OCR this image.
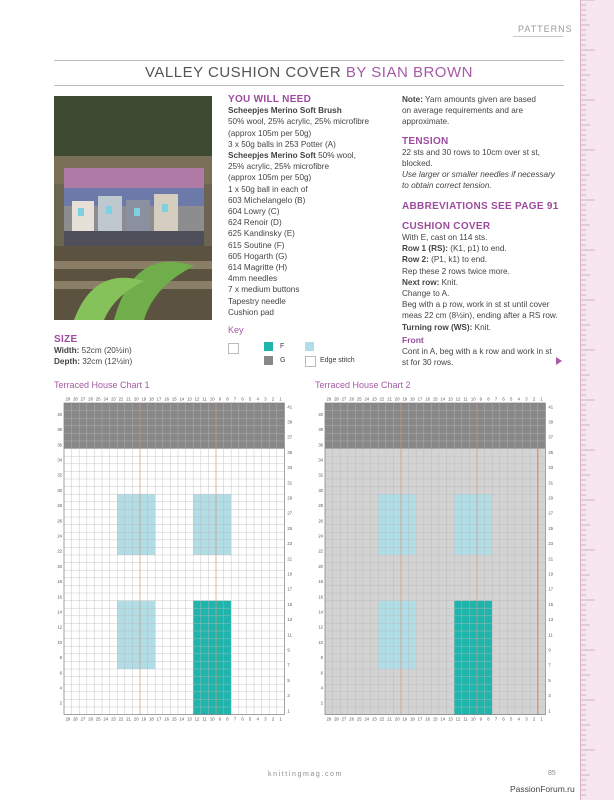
PATTERNS
VALLEY CUSHION COVER BY SIAN BROWN
YOU WILL NEED
Scheepjes Merino Soft Brush
50% wool, 25% acrylic, 25% microfibre
(approx 105m per 50g)
3 x 50g balls in 253 Potter (A)
Scheepjes Merino Soft 50% wool,
25% acrylic, 25% microfibre
(approx 105m per 50g)
1 x 50g ball in each of
603 Michelangelo (B)
604 Lowry (C)
624 Renoir (D)
625 Kandinsky (E)
615 Soutine (F)
605 Hogarth (G)
614 Magritte (H)
4mm needles
7 x medium buttons
Tapestry needle
Cushion pad
Key
F
G	Edge stitch
SIZE
Width: 52cm (20½in)
Depth: 32cm (12½in)
Note: Yarn amounts given are based
on average requirements and are
approximate.
TENSION
22 sts and 30 rows to 10cm over st st,
blocked.
Use larger or smaller needles if necessary
to obtain correct tension.
ABBREVIATIONS SEE PAGE 91
CUSHION COVER
With E, cast on 114 sts.
Row 1 (RS): (K1, p1) to end.
Row 2: (P1, k1) to end.
Rep these 2 rows twice more.
Next row: Knit.
Change to A.
Beg with a p row, work in st st until cover
meas 22 cm (8½in), ending after a RS row.
Turning row (WS): Knit.
Front
Cont in A, beg with a k row and work in st
st for 30 rows.
Terraced House Chart 1	Terraced House Chart 2
29
29
28
28
27
27
26
26
25
25
24
24
23
23
22
22
21
21
20
20
19
19
18
18
17
17
16
16
15
15
14
14
13
13
12
12
11
11
10
10
9
9
8
8
7
7
6
6
5
5
4
4
3
3
2
2
1
1
41
39
37
35
33
31
29
27
25
23
21
19
17
15
13
11
9
7
5
3
1
40
38
36
34
32
30
28
26
24
22
20
18
16
14
12
10
8
6
4
2
29
29
28
28
27
27
26
26
25
25
24
24
23
23
22
22
21
21
20
20
19
19
18
18
17
17
16
16
15
15
14
14
13
13
12
12
11
11
10
10
9
9
8
8
7
7
6
6
5
5
4
4
3
3
2
2
1
1
41
39
37
35
33
31
29
27
25
23
21
19
17
15
13
11
9
7
5
3
1
40
38
36
34
32
30
28
26
24
22
20
18
16
14
12
10
8
6
4
2
knittingmag.com	85
PassionForum.ru
